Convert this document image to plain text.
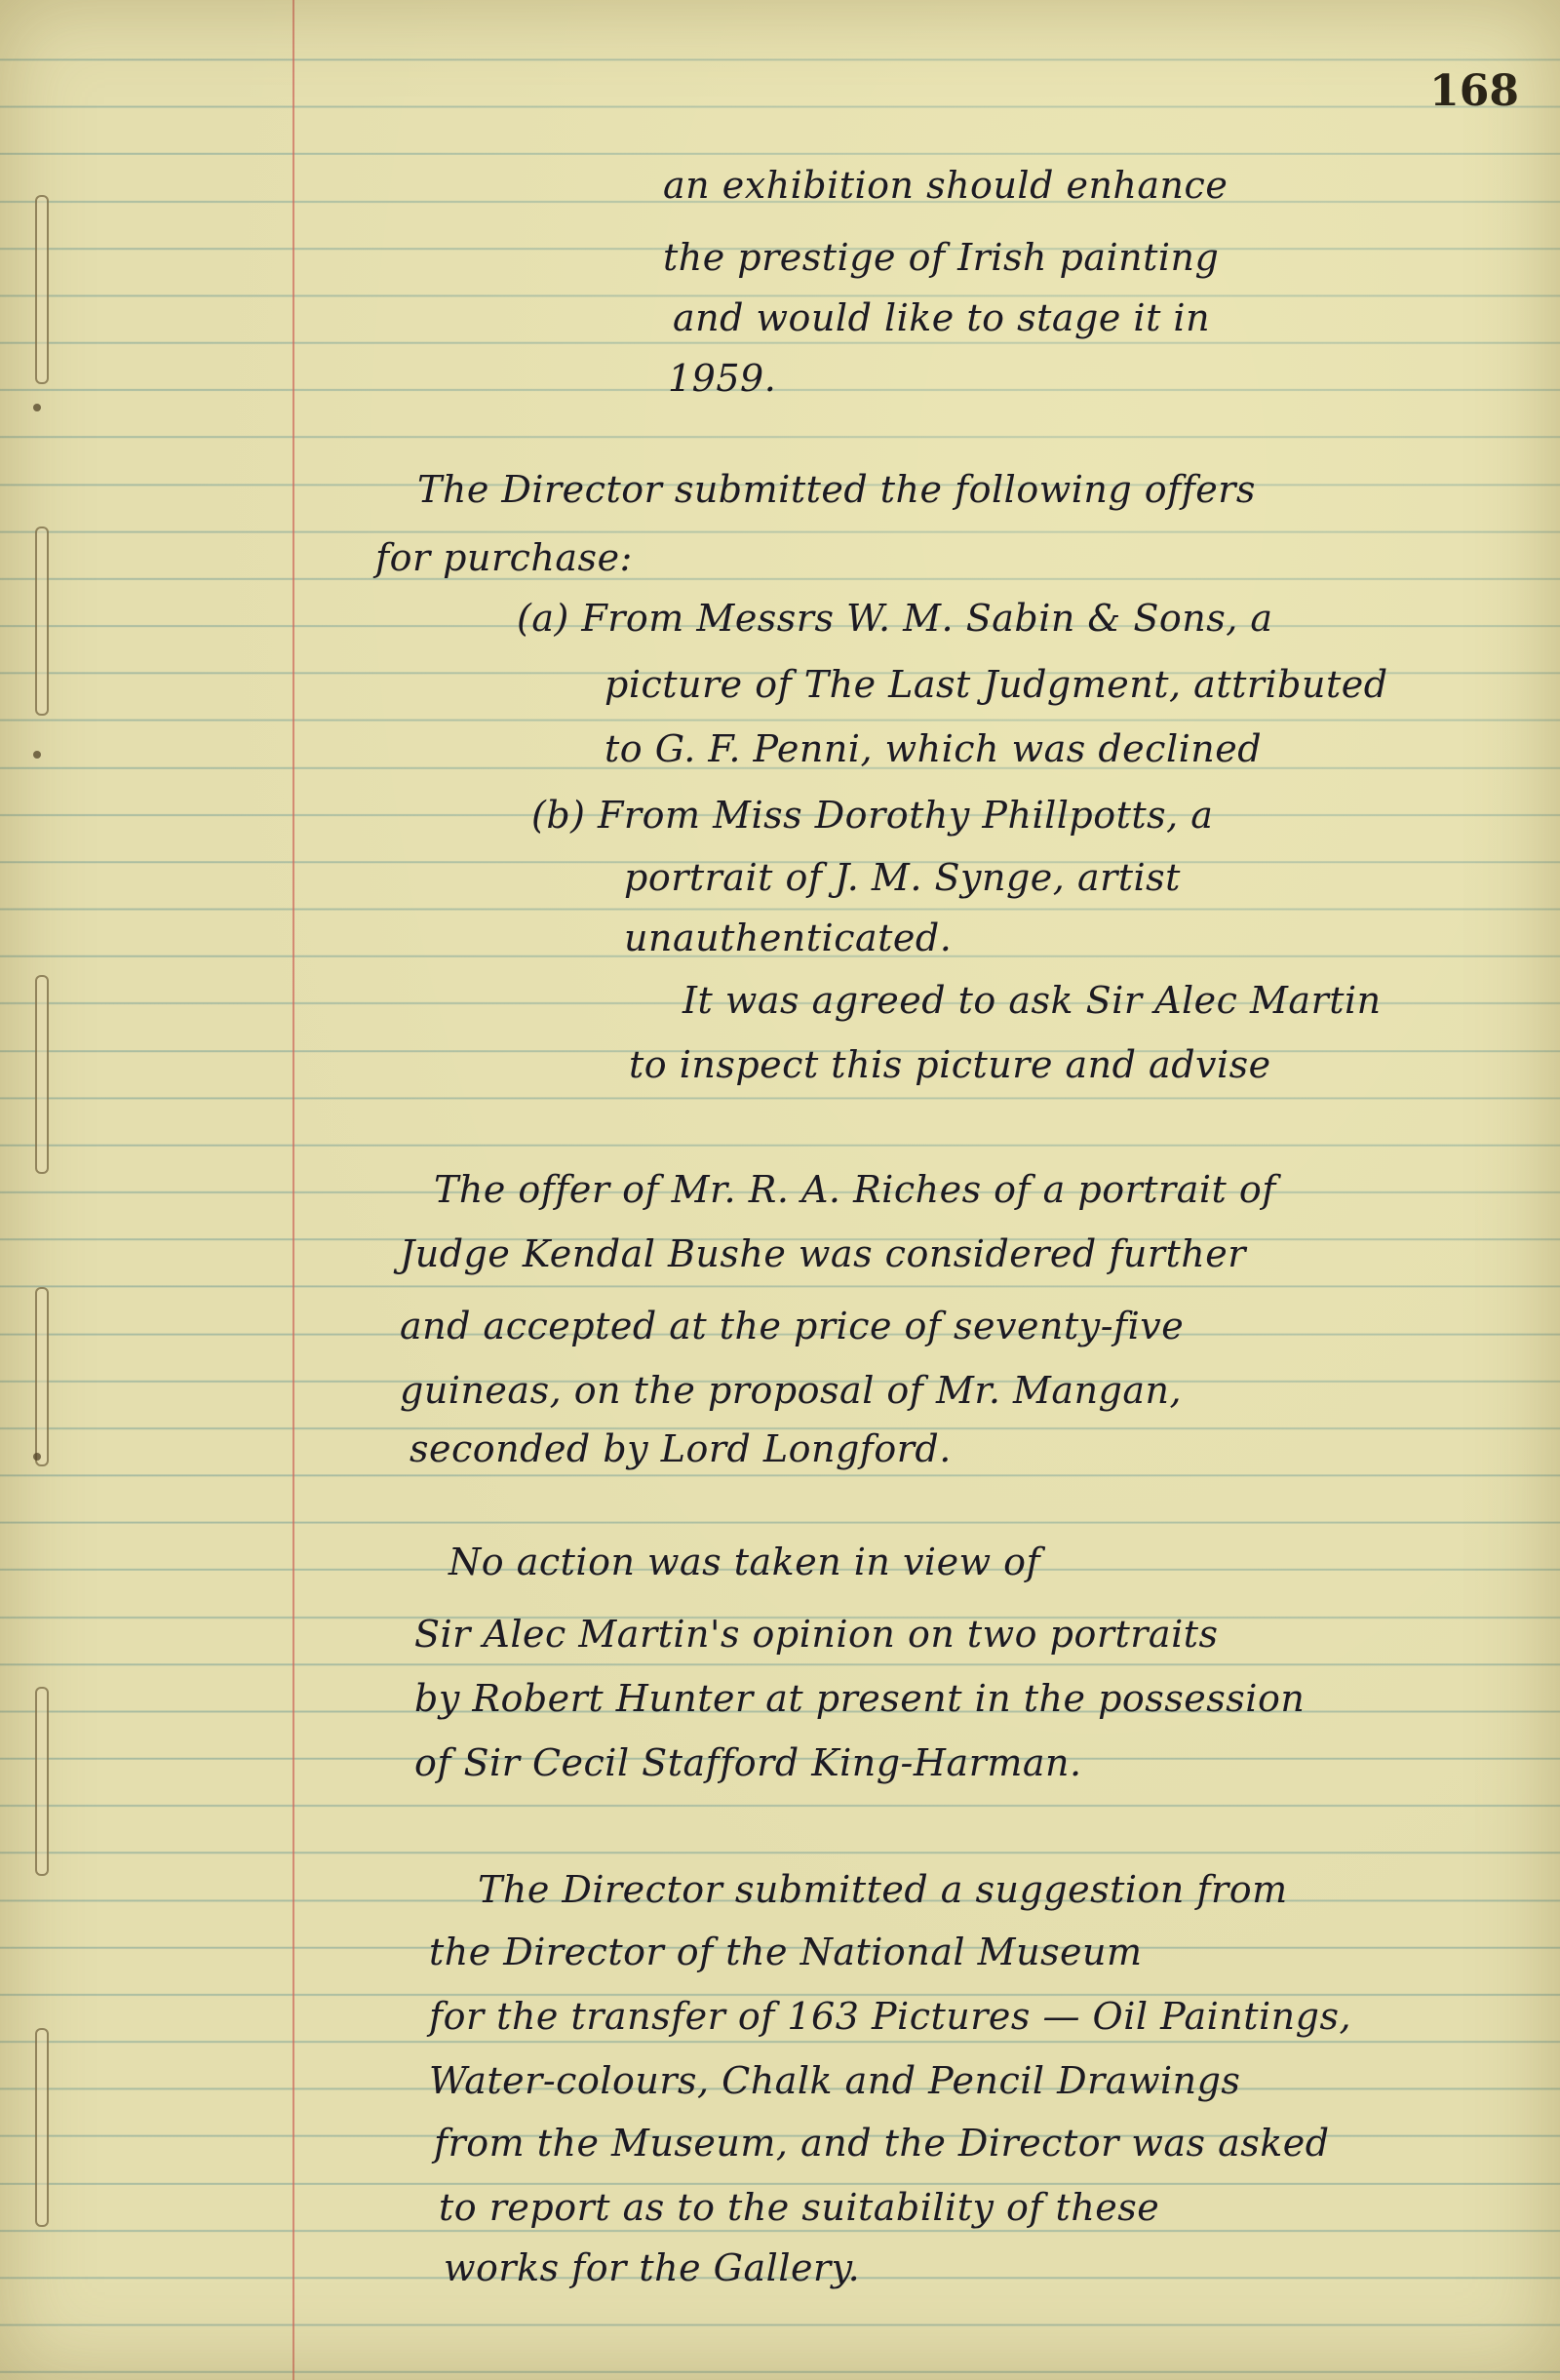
168
an exhibition should enhance
the prestige of Irish painting
and would like to stage it in
1959.
The Director submitted the following offers
for purchase:
(a) From Messrs W. M. Sabin & Sons, a
picture of The Last Judgment, attributed
to G. F. Penni, which was declined
(b) From Miss Dorothy Phillpotts, a
portrait of J. M. Synge, artist
unauthenticated.
It was agreed to ask Sir Alec Martin
to inspect this picture and advise
The offer of Mr. R. A. Riches of a portrait of
Judge Kendal Bushe was considered further
and accepted at the price of seventy-five
guineas, on the proposal of Mr. Mangan,
seconded by Lord Longford.
No action was taken in view of
Sir Alec Martin's opinion on two portraits
by Robert Hunter at present in the possession
of Sir Cecil Stafford King-Harman.
The Director submitted a suggestion from
the Director of the National Museum
for the transfer of 163 Pictures — Oil Paintings,
Water-colours, Chalk and Pencil Drawings
from the Museum, and the Director was asked
to report as to the suitability of these
works for the Gallery.
